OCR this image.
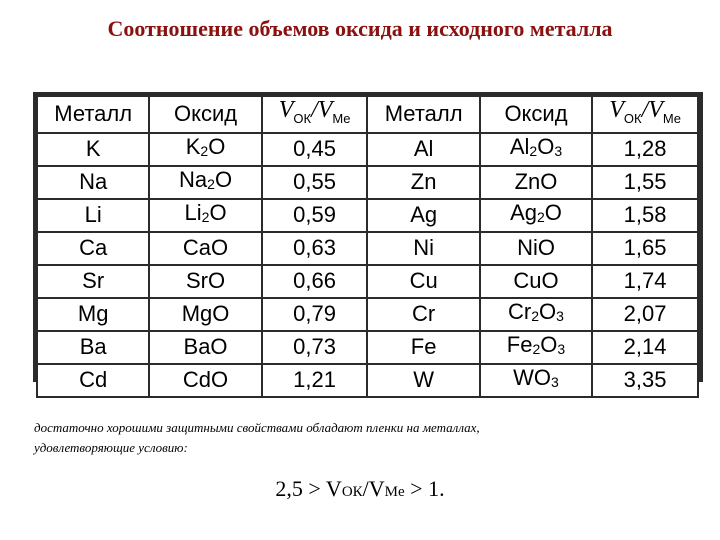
Соотношение объемов оксида и исходного металла
Металл	Оксид	$V_{ОК}/V_{Me}$	Металл	Оксид	$V_{ОК}/V_{Me}$
K	$K_2O$	0,45	Al	$Al_2O_3$	1,28
Na	$Na_2O$	0,55	Zn	ZnO	1,55
Li	$Li_2O$	0,59	Ag	$Ag_2O$	1,58
Ca	CaO	0,63	Ni	NiO	1,65
Sr	SrO	0,66	Cu	CuO	1,74
Mg	MgO	0,79	Cr	$Cr_2O_3$	2,07
Ba	BaO	0,73	Fe	$Fe_2O_3$	2,14
Cd	CdO	1,21	W	$WO_3$	3,35
достаточно хорошими защитными свойствами обладают пленки на металлах,
удовлетворяющие условию:
2,5 > VОК/VMe > 1.
